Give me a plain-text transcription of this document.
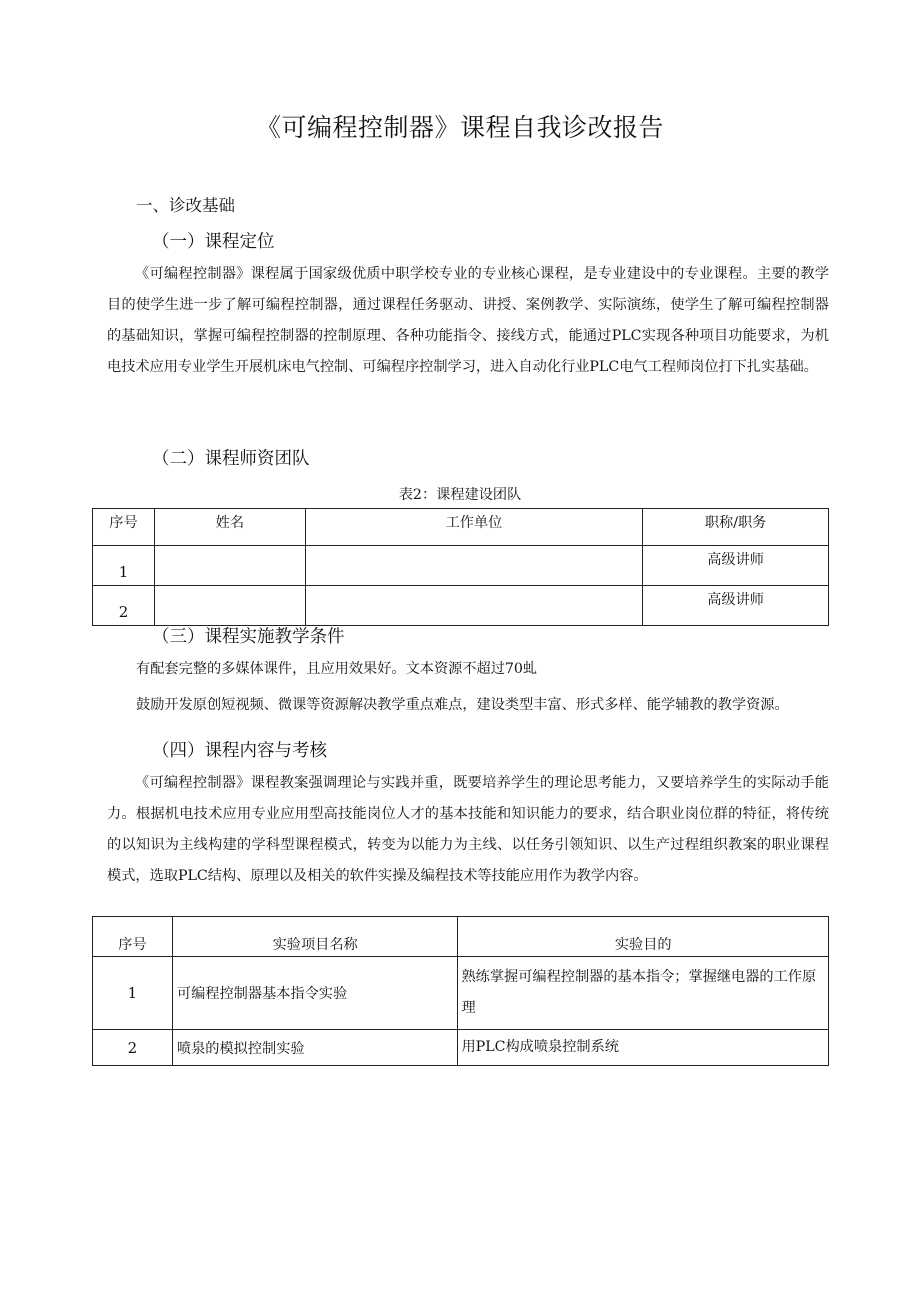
《可编程控制器》课程自我诊改报告
一、诊改基础
（一）课程定位
《可编程控制器》课程属于国家级优质中职学校专业的专业核心课程，是专业建设中的专业课程。主要的教学目的使学生进一步了解可编程控制器，通过课程任务驱动、讲授、案例教学、实际演练，使学生了解可编程控制器的基础知识，掌握可编程控制器的控制原理、各种功能指令、接线方式，能通过PLC实现各种项目功能要求，为机电技术应用专业学生开展机床电气控制、可编程序控制学习，进入自动化行业PLC电气工程师岗位打下扎实基础。
（二）课程师资团队
表2：课程建设团队
序号	姓名	工作单位	职称/职务
1			高级讲师
2			高级讲师
（三）课程实施教学条件
有配套完整的多媒体课件，且应用效果好。文本资源不超过70虬
鼓励开发原创短视频、微课等资源解决教学重点难点，建设类型丰富、形式多样、能学辅教的教学资源。
（四）课程内容与考核
《可编程控制器》课程教案强调理论与实践并重，既要培养学生的理论思考能力，又要培养学生的实际动手能力。根据机电技术应用专业应用型高技能岗位人才的基本技能和知识能力的要求，结合职业岗位群的特征，将传统的以知识为主线构建的学科型课程模式，转变为以能力为主线、以任务引领知识、以生产过程组织教案的职业课程模式，选取PLC结构、原理以及相关的软件实操及编程技术等技能应用作为教学内容。
序号	实验项目名称	实验目的
1	可编程控制器基本指令实验	熟练掌握可编程控制器的基本指令；掌握继电器的工作原理
2	喷泉的模拟控制实验	用PLC构成喷泉控制系统
